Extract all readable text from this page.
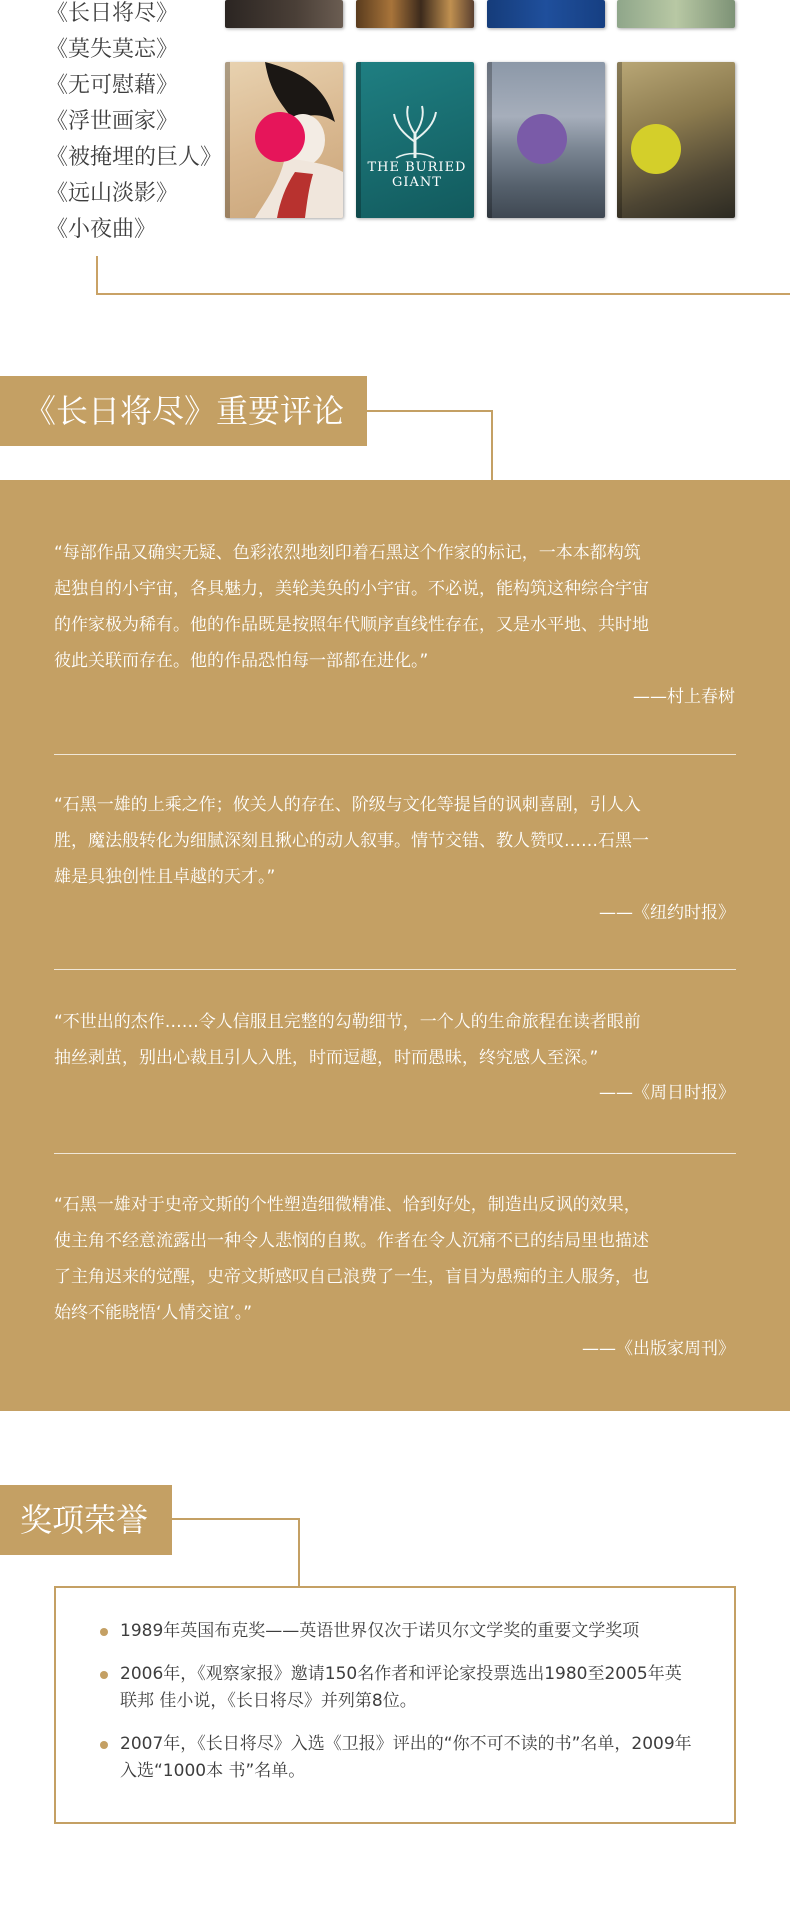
《长日将尽》
《莫失莫忘》
《无可慰藉》
《浮世画家》
《被掩埋的巨人》
《远山淡影》
《小夜曲》
THE BURIED GIANT
《长日将尽》重要评论

“每部作品又确实无疑、色彩浓烈地刻印着石黑这个作家的标记，一本本都构筑

起独自的小宇宙，各具魅力，美轮美奂的小宇宙。不必说，能构筑这种综合宇宙

的作家极为稀有。他的作品既是按照年代顺序直线性存在，又是水平地、共时地

彼此关联而存在。他的作品恐怕每一部都在进化。”

——村上春树

“石黑一雄的上乘之作；攸关人的存在、阶级与文化等提旨的讽刺喜剧，引人入

胜，魔法般转化为细腻深刻且揪心的动人叙事。情节交错、教人赞叹……石黑一

雄是具独创性且卓越的天才。”

——《纽约时报》

“不世出的杰作……令人信服且完整的勾勒细节，一个人的生命旅程在读者眼前

抽丝剥茧，别出心裁且引人入胜，时而逗趣，时而愚昧，终究感人至深。”

——《周日时报》

“石黑一雄对于史帝文斯的个性塑造细微精准、恰到好处，制造出反讽的效果，

使主角不经意流露出一种令人悲悯的自欺。作者在令人沉痛不已的结局里也描述

了主角迟来的觉醒，史帝文斯感叹自己浪费了一生，盲目为愚痴的主人服务，也

始终不能晓悟‘人情交谊’。”

——《出版家周刊》
奖项荣誉
1989年英国布克奖——英语世界仅次于诺贝尔文学奖的重要文学奖项
2006年，《观察家报》邀请150名作者和评论家投票选出1980至2005年英联邦 佳小说，《长日将尽》并列第8位。
2007年，《长日将尽》入选《卫报》评出的“你不可不读的书”名单，2009年入选“1000本 书”名单。
